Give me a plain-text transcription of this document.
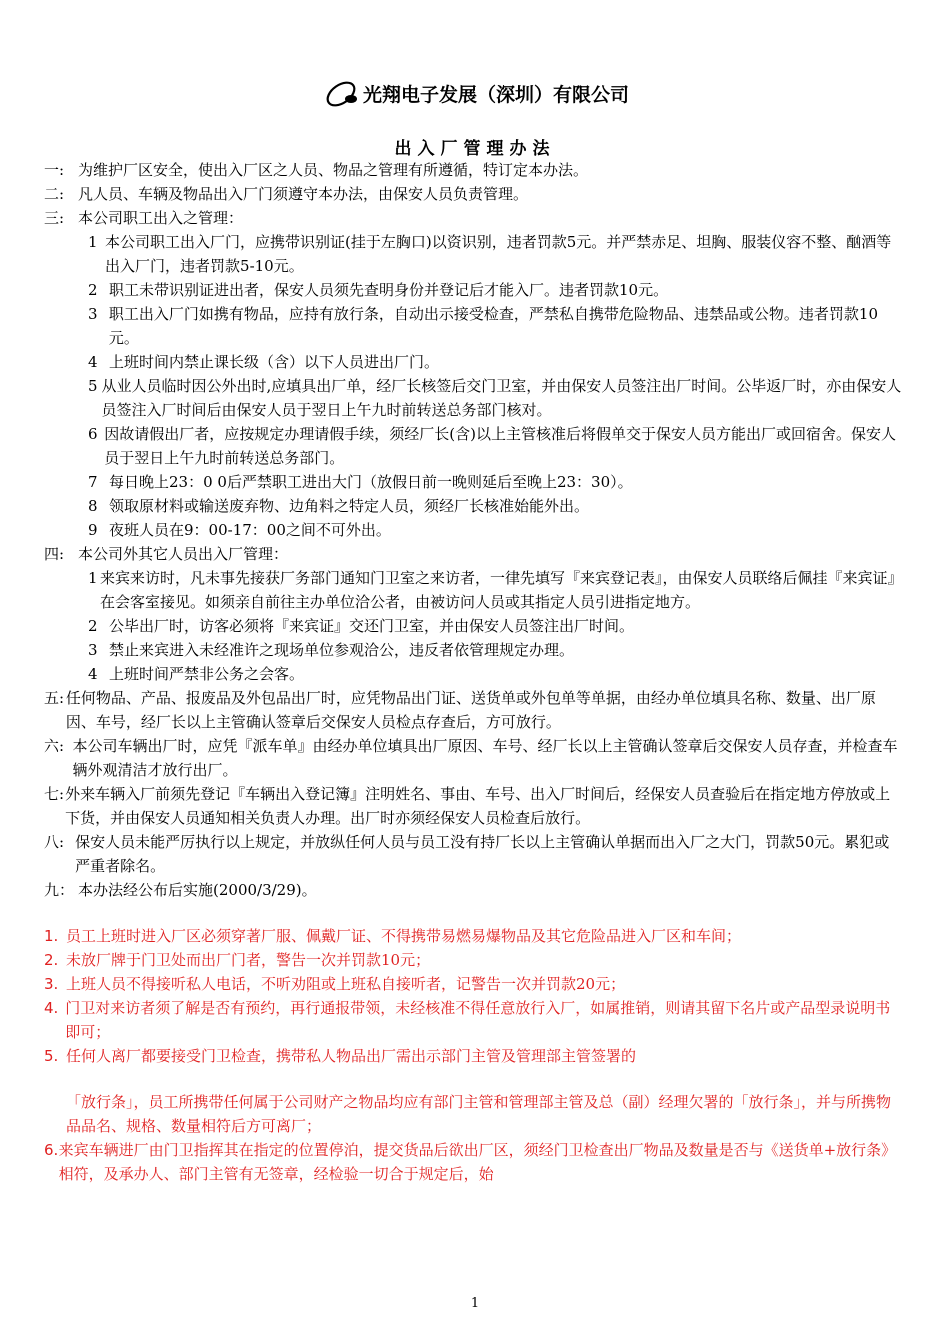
光翔电子发展（深圳）有限公司
出入厂管理办法
一: 为维护厂区安全，使出入厂区之人员、物品之管理有所遵循，特订定本办法。
二: 凡人员、车辆及物品出入厂门须遵守本办法，由保安人员负责管理。
三: 本公司职工出入之管理：
1 本公司职工出入厂门，应携带识别证(挂于左胸口)以资识别，违者罚款5元。并严禁赤足、坦胸、服装仪容不整、酗酒等出入厂门，违者罚款5-10元。
2 职工未带识别证进出者，保安人员须先查明身份并登记后才能入厂。违者罚款10元。
3 职工出入厂门如携有物品，应持有放行条，自动出示接受检查，严禁私自携带危险物品、违禁品或公物。违者罚款10元。
4 上班时间内禁止课长级（含）以下人员进出厂门。
5 从业人员临时因公外出时,应填具出厂单，经厂长核签后交门卫室，并由保安人员签注出厂时间。公毕返厂时，亦由保安人员签注入厂时间后由保安人员于翌日上午九时前转送总务部门核对。
6 因故请假出厂者，应按规定办理请假手续，须经厂长(含)以上主管核准后将假单交于保安人员方能出厂或回宿舍。保安人员于翌日上午九时前转送总务部门。
7 每日晚上23：0 0后严禁职工进出大门（放假日前一晚则延后至晚上23：30）。
8 领取原材料或输送废弃物、边角料之特定人员，须经厂长核准始能外出。
9 夜班人员在9：00-17：00之间不可外出。
四: 本公司外其它人员出入厂管理：
1 来宾来访时，凡未事先接获厂务部门通知门卫室之来访者，一律先填写『来宾登记表』，由保安人员联络后佩挂『来宾证』在会客室接见。如须亲自前往主办单位洽公者，由被访问人员或其指定人员引进指定地方。
2 公毕出厂时，访客必须将『来宾证』交还门卫室，并由保安人员签注出厂时间。
3 禁止来宾进入未经准许之现场单位参观洽公，违反者依管理规定办理。
4 上班时间严禁非公务之会客。
五: 任何物品、产品、报废品及外包品出厂时，应凭物品出门证、送货单或外包单等单据，由经办单位填具名称、数量、出厂原因、车号，经厂长以上主管确认签章后交保安人员检点存查后，方可放行。
六: 本公司车辆出厂时，应凭『派车单』由经办单位填具出厂原因、车号、经厂长以上主管确认签章后交保安人员存查，并检查车辆外观清洁才放行出厂。
七: 外来车辆入厂前须先登记『车辆出入登记簿』注明姓名、事由、车号、出入厂时间后，经保安人员查验后在指定地方停放或上下货，并由保安人员通知相关负责人办理。出厂时亦须经保安人员检查后放行。
八: 保安人员未能严厉执行以上规定，并放纵任何人员与员工没有持厂长以上主管确认单据而出入厂之大门，罚款50元。累犯或严重者除名。
九： 本办法经公布后实施(2000/3/29)。
1. 员工上班时进入厂区必须穿著厂服、佩戴厂证、不得携带易燃易爆物品及其它危险品进入厂区和车间；
2. 未放厂牌于门卫处而出厂门者，警告一次并罚款10元；
3. 上班人员不得接听私人电话，不听劝阻或上班私自接听者，记警告一次并罚款20元；
4. 门卫对来访者须了解是否有预约，再行通报带领，未经核准不得任意放行入厂，如属推销，则请其留下名片或产品型录说明书即可；
5. 任何人离厂都要接受门卫检查，携带私人物品出厂需出示部门主管及管理部主管签署的
「放行条」，员工所携带任何属于公司财产之物品均应有部门主管和管理部主管及总（副）经理欠署的「放行条」，并与所携物品品名、规格、数量相符后方可离厂；
6. 来宾车辆进厂由门卫指挥其在指定的位置停泊，提交货品后欲出厂区，须经门卫检查出厂物品及数量是否与《送货单+放行条》相符，及承办人、部门主管有无签章，经检验一切合于规定后，始
1
